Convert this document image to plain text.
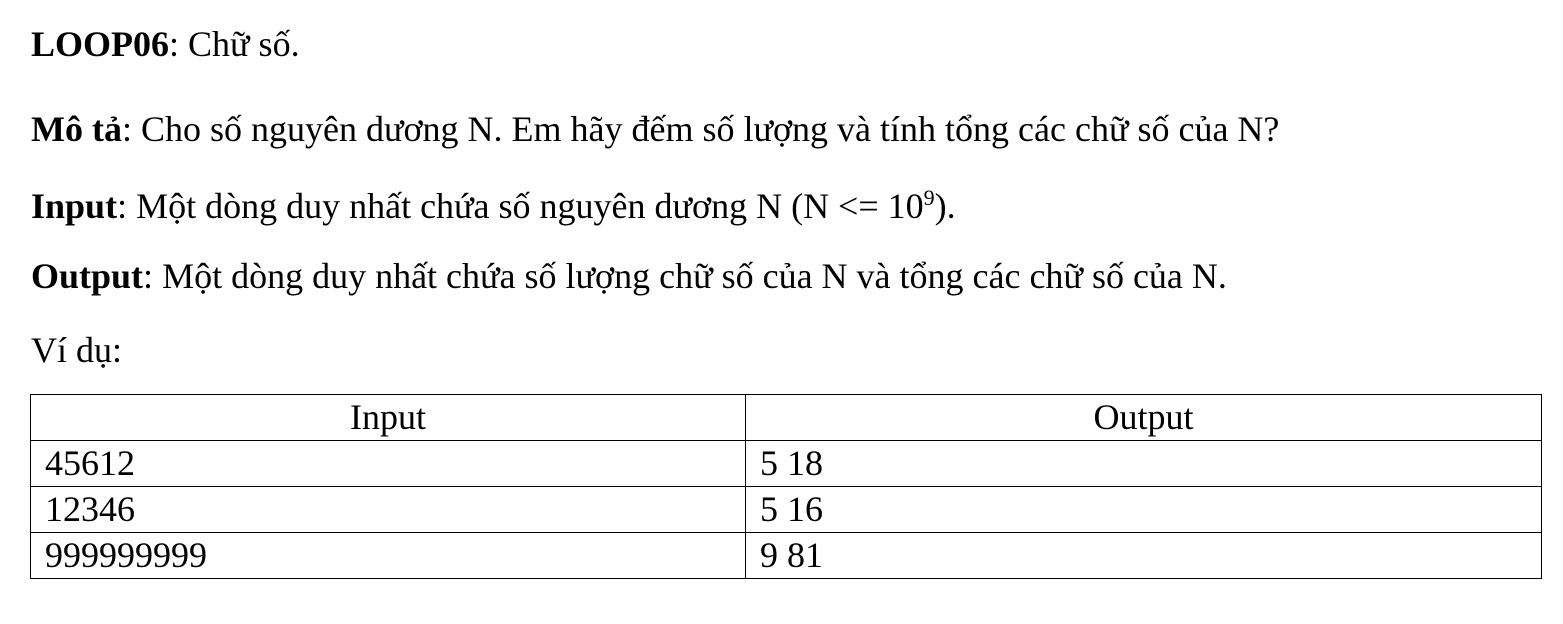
LOOP06: Chữ số.
Mô tả: Cho số nguyên dương N. Em hãy đếm số lượng và tính tổng các chữ số của N?
Input: Một dòng duy nhất chứa số nguyên dương N $(N <= 10^9)$.
Output: Một dòng duy nhất chứa số lượng chữ số của N và tổng các chữ số của N.
Ví dụ:
Input	Output
45612	5 18
12346	5 16
999999999	9 81
